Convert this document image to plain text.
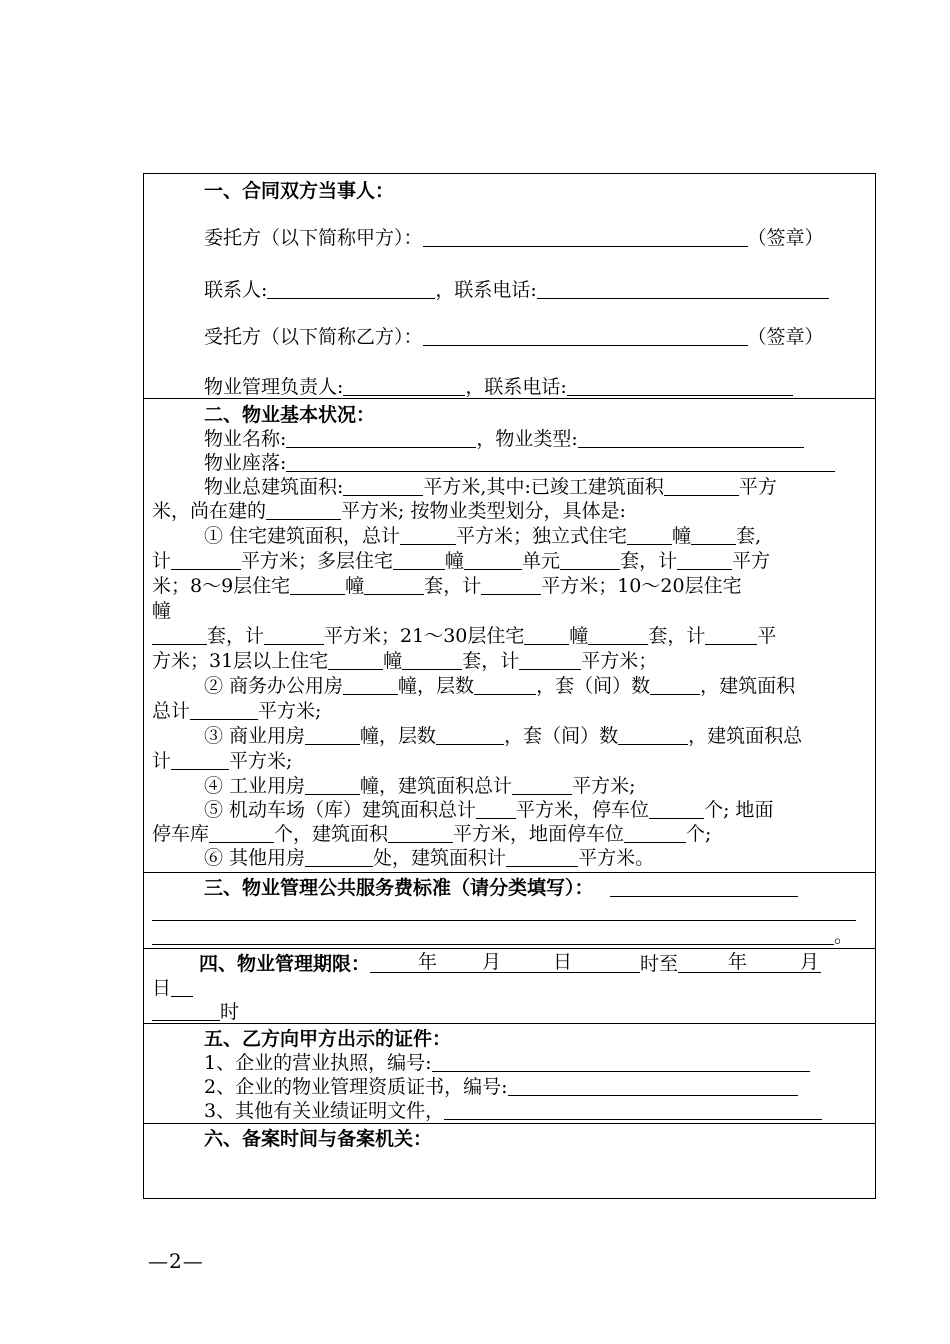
一、合同双方当事人：
委托方（以下简称甲方）：	（签章）
联系人:	，联系电话:
受托方（以下简称乙方）：	（签章）
物业管理负责人:	，联系电话:
二、物业基本状况：
物业名称:	，物业类型:
物业座落:
物业总建筑面积:	平方米,其中:已竣工建筑面积	平方
米，尚在建的	平方米; 按物业类型划分，具体是:
① 住宅建筑面积，总计	平方米；独立式住宅 幢 套,
计	平方米；多层住宅	幢	单元	套，计	平方
米；8～9层住宅	幢	套，计	平方米；10～20层住宅
幢
套，计	平方米；21～30层住宅 幢	套，计	平
方米；31层以上住宅	幢	套，计	平方米；
② 商务办公用房	幢，层数	，套（间）数	，建筑面积
总计	平方米;
③ 商业用房	幢，层数	，套（间）数	，建筑面积总
计	平方米;
④ 工业用房	幢，建筑面积总计	平方米;
⑤ 机动车场（库）建筑面积总计 平方米，停车位	个; 地面
停车库	个，建筑面积	平方米，地面停车位	个;
⑥ 其他用房	处，建筑面积计	平方米。
三、物业管理公共服务费标准（请分类填写）：
。
四、物业管理期限：	年 月	日	时至	年	月
日
时
五、乙方向甲方出示的证件：
1、企业的营业执照，编号:
2、企业的物业管理资质证书，编号:
3、其他有关业绩证明文件，
六、备案时间与备案机关：
—2—
